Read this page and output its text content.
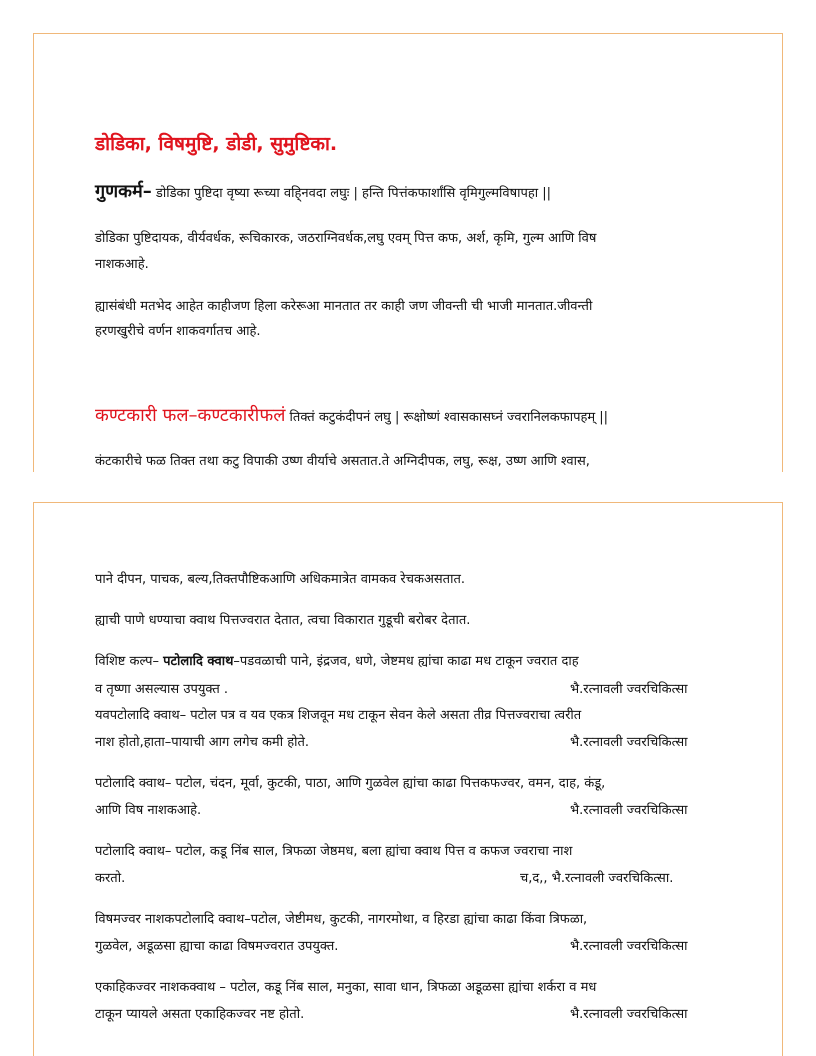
डोडिका, विषमुष्टि, डोडी, सुमुष्टिका.

गुणकर्म– डोडिका पुष्टिदा वृष्या रूच्या वहि्नवदा लघुः | हन्ति पित्तंकफार्शांसि वृमिगुल्मविषापहा ||

डोडिका पुष्टिदायक, वीर्यवर्धक, रूचिकारक, जठराग्निवर्धक,लघु एवम् पित्त कफ, अर्श, कृमि, गुल्म आणि विष

नाशकआहे.

ह्यासंबंधी मतभेद आहेत काहीजण हिला करेरूआ मानतात तर काही जण जीवन्ती ची भाजी मानतात.जीवन्ती

हरणखुरीचे वर्णन शाकवर्गातच आहे.

कण्टकारी फल–कण्टकारीफलं तिक्तं कटुकंदीपनं लघु | रूक्षोष्णं श्वासकासघ्नं ज्वरानिलकफापहम् ||

कंटकारीचे फळ तिक्त तथा कटु विपाकी उष्ण वीर्याचे असतात.ते अग्निदीपक, लघु, रूक्ष, उष्ण आणि श्वास,

पाने दीपन, पाचक, बल्य,तिक्तपौष्टिकआणि अधिकमात्रेत वामकव रेचकअसतात.

ह्याची पाणे धण्याचा क्वाथ पित्तज्वरात देतात, त्वचा विकारात गुडूची बरोबर देतात.

विशिष्ट कल्प– पटोलादि क्वाथ–पडवळाची पाने, इंद्रजव, धणे, जेष्टमध ह्यांचा काढा मध टाकून ज्वरात दाह

व तृष्णा असल्यास उपयुक्त .	भै.रत्नावली ज्वरचिकित्सा

यवपटोलादि क्वाथ– पटोल पत्र व यव एकत्र शिजवून मध टाकून सेवन केले असता तीव्र पित्तज्वराचा त्वरीत

नाश होतो,हाता–पायाची आग लगेच कमी होते.	भै.रत्नावली ज्वरचिकित्सा

पटोलादि क्वाथ– पटोल, चंदन, मूर्वा, कुटकी, पाठा, आणि गुळवेल ह्यांचा काढा पित्तकफज्वर, वमन, दाह, कंडू,

आणि विष नाशकआहे.	भै.रत्नावली ज्वरचिकित्सा

पटोलादि क्वाथ– पटोल, कडू निंब साल, त्रिफळा जेष्ठमध, बला ह्यांचा क्वाथ पित्त व कफज ज्वराचा नाश

करतो.	च,द,, भै.रत्नावली ज्वरचिकित्सा.

विषमज्वर नाशकपटोलादि क्वाथ–पटोल, जेष्टीमध, कुटकी, नागरमोथा, व हिरडा ह्यांचा काढा किंवा त्रिफळा,

गुळवेल, अडूळसा ह्याचा काढा विषमज्वरात उपयुक्त.	भै.रत्नावली ज्वरचिकित्सा

एकाहिकज्वर नाशकक्वाथ – पटोल, कडू निंब साल, मनुका, सावा धान, त्रिफळा अडूळसा ह्यांचा शर्करा व मध

टाकून प्यायले असता एकाहिकज्वर नष्ट होतो.	भै.रत्नावली ज्वरचिकित्सा
